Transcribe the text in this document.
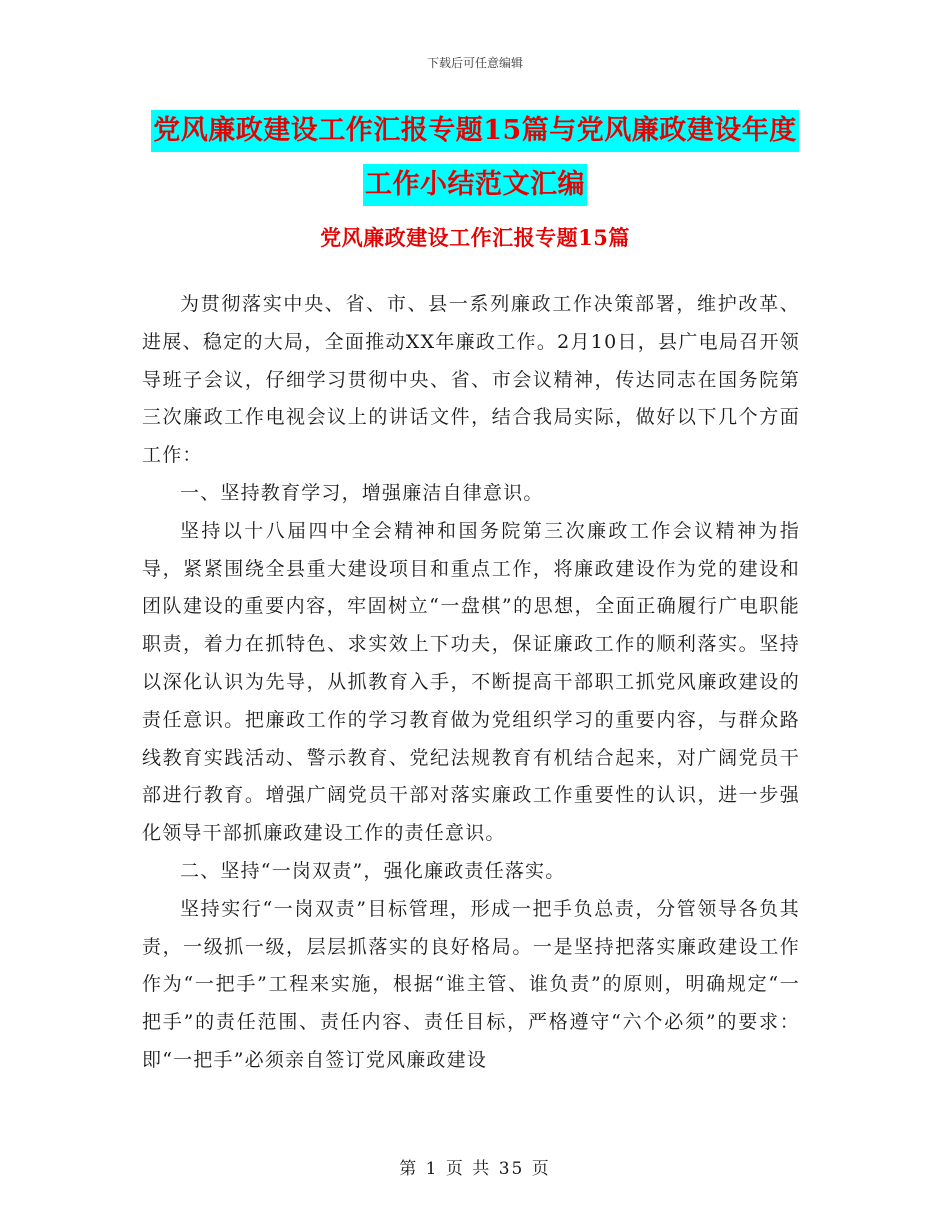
下载后可任意编辑
党风廉政建设工作汇报专题15篇与党风廉政建设年度
工作小结范文汇编
党风廉政建设工作汇报专题15篇

为贯彻落实中央、省、市、县一系列廉政工作决策部署，维护改革、进展、稳定的大局，全面推动XX年廉政工作。2月10日，县广电局召开领导班子会议，仔细学习贯彻中央、省、市会议精神，传达同志在国务院第三次廉政工作电视会议上的讲话文件，结合我局实际，做好以下几个方面工作：

一、坚持教育学习，增强廉洁自律意识。

坚持以十八届四中全会精神和国务院第三次廉政工作会议精神为指导，紧紧围绕全县重大建设项目和重点工作，将廉政建设作为党的建设和团队建设的重要内容，牢固树立“一盘棋”的思想，全面正确履行广电职能职责，着力在抓特色、求实效上下功夫，保证廉政工作的顺利落实。坚持以深化认识为先导，从抓教育入手，不断提高干部职工抓党风廉政建设的责任意识。把廉政工作的学习教育做为党组织学习的重要内容，与群众路线教育实践活动、警示教育、党纪法规教育有机结合起来，对广阔党员干部进行教育。增强广阔党员干部对落实廉政工作重要性的认识，进一步强化领导干部抓廉政建设工作的责任意识。

二、坚持“一岗双责”，强化廉政责任落实。

坚持实行“一岗双责”目标管理，形成一把手负总责，分管领导各负其责，一级抓一级，层层抓落实的良好格局。一是坚持把落实廉政建设工作作为“一把手”工程来实施，根据“谁主管、谁负责”的原则，明确规定“一把手”的责任范围、责任内容、责任目标，严格遵守“六个必须”的要求：即“一把手”必须亲自签订党风廉政建设

第 1 页 共 35 页
